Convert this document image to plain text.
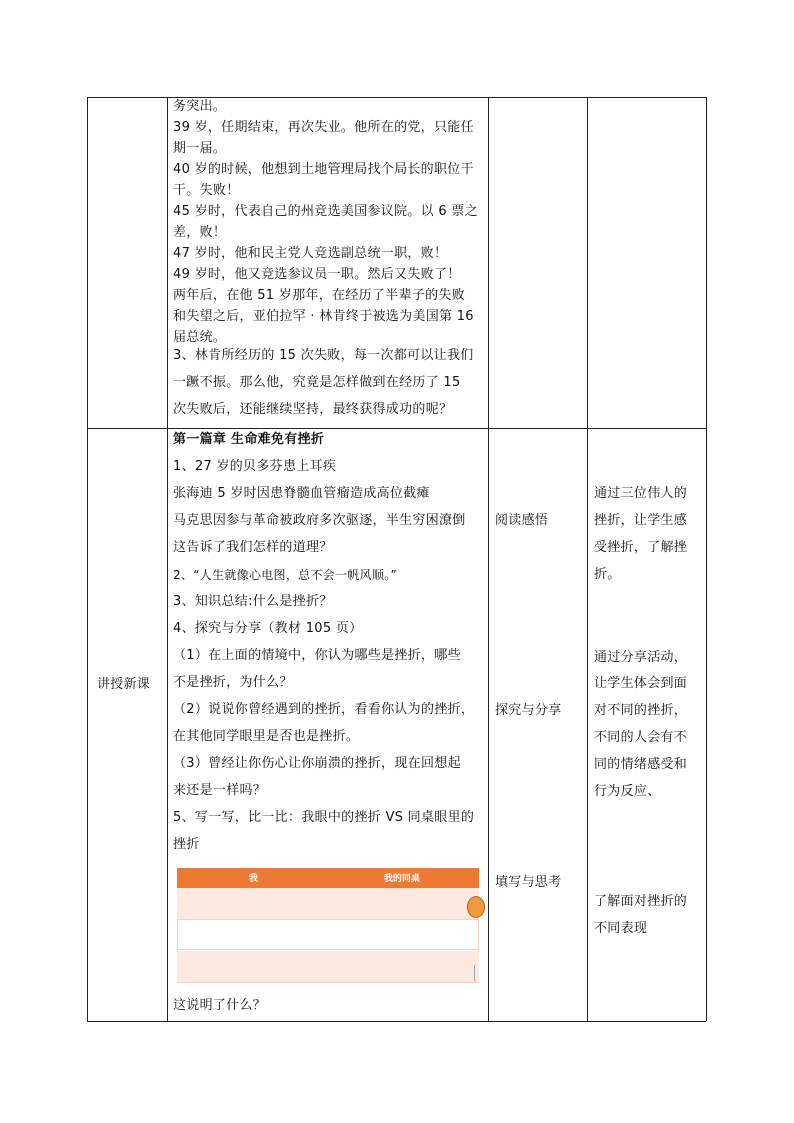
务突出。
39 岁，任期结束，再次失业。他所在的党，只能任
期一届。
40 岁的时候，他想到土地管理局找个局长的职位干
干。失败！
45 岁时，代表自己的州竞选美国参议院。以 6 票之
差，败！
47 岁时，他和民主党人竞选副总统一职，败！
49 岁时，他又竞选参议员一职。然后又失败了！
两年后，在他 51 岁那年，在经历了半辈子的失败
和失望之后，亚伯拉罕 · 林肯终于被选为美国第 16
届总统。
3、林肯所经历的 15 次失败，每一次都可以让我们
一蹶不振。那么他，究竟是怎样做到在经历了 15
次失败后，还能继续坚持，最终获得成功的呢？
讲授新课
第一篇章 生命难免有挫折
1、27 岁的贝多芬患上耳疾
张海迪 5 岁时因患脊髓血管瘤造成高位截瘫
马克思因参与革命被政府多次驱逐，半生穷困潦倒
这告诉了我们怎样的道理？
2、“人生就像心电图，总不会一帆风顺。”
3、知识总结:什么是挫折？
4、探究与分享（教材 105 页）
（1）在上面的情境中，你认为哪些是挫折，哪些
不是挫折，为什么？
（2）说说你曾经遇到的挫折，看看你认为的挫折，
在其他同学眼里是否也是挫折。
（3）曾经让你伤心让你崩溃的挫折，现在回想起
来还是一样吗？
5、写一写，比一比：我眼中的挫折 VS 同桌眼里的
挫折
我	我的同桌
这说明了什么？
阅读感悟
探究与分享
填写与思考
通过三位伟人的
挫折，让学生感
受挫折，了解挫
折。
通过分享活动，
让学生体会到面
对不同的挫折，
不同的人会有不
同的情绪感受和
行为反应、
了解面对挫折的
不同表现
